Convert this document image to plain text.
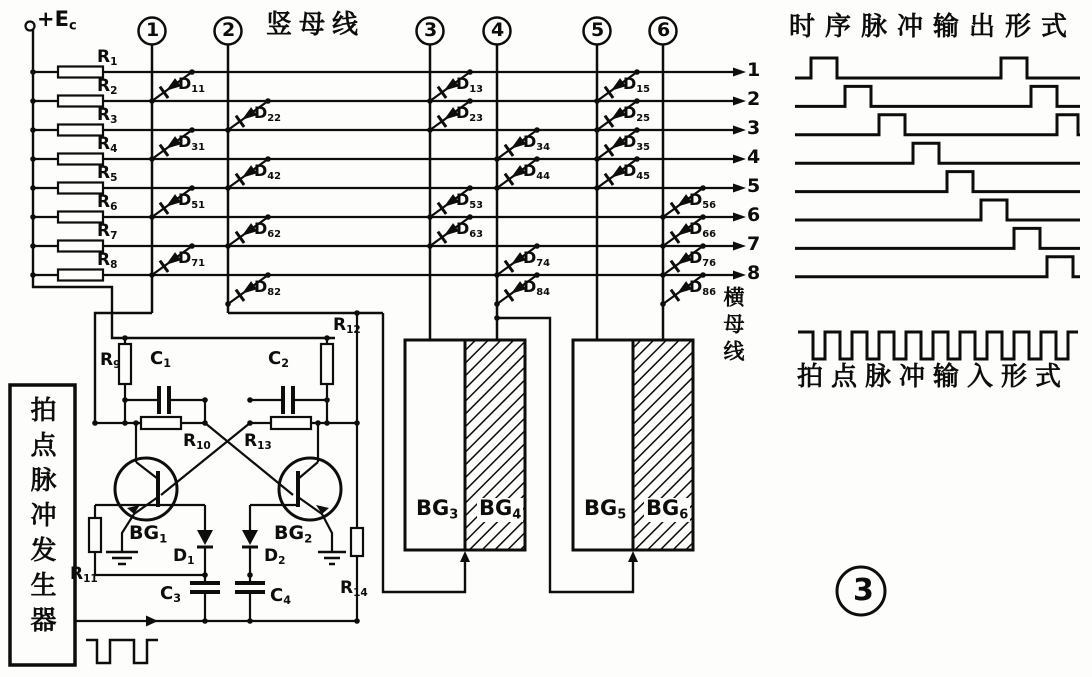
$R_1$	1
$R_2$	2
$R_3$	3
$R_4$	4
$R_5$	5
$R_6$	6
$R_7$	7
$R_8$	8
1	2	3	4	5	6
$D_{11}$
$D_{22}$
$D_{31}$
$D_{42}$
$D_{51}$
$D_{62}$
$D_{71}$
$D_{82}$
$D_{13}$
$D_{23}$
$D_{53}$
$D_{63}$
$D_{34}$
$D_{44}$
$D_{74}$
$D_{84}$
$D_{15}$
$D_{25}$
$D_{35}$
$D_{45}$
$D_{56}$
$D_{66}$
$D_{76}$
$D_{86}$
$+E_c$	竖母线	时序脉冲输出形式
拍点脉冲输入形式
横母线
3
拍点脉冲发生器
$R_9$ $C_1$	$C_2$
$R_{12}$
$R_{10}$ $R_{13}$
$BG_1$	$BG_2$
$D_1$	$D_2$
$C_3$	$C_4$
$R_{11}$	$R_{14}$
$BG_3$ $BG_4$	$BG_5$ $BG_6$
